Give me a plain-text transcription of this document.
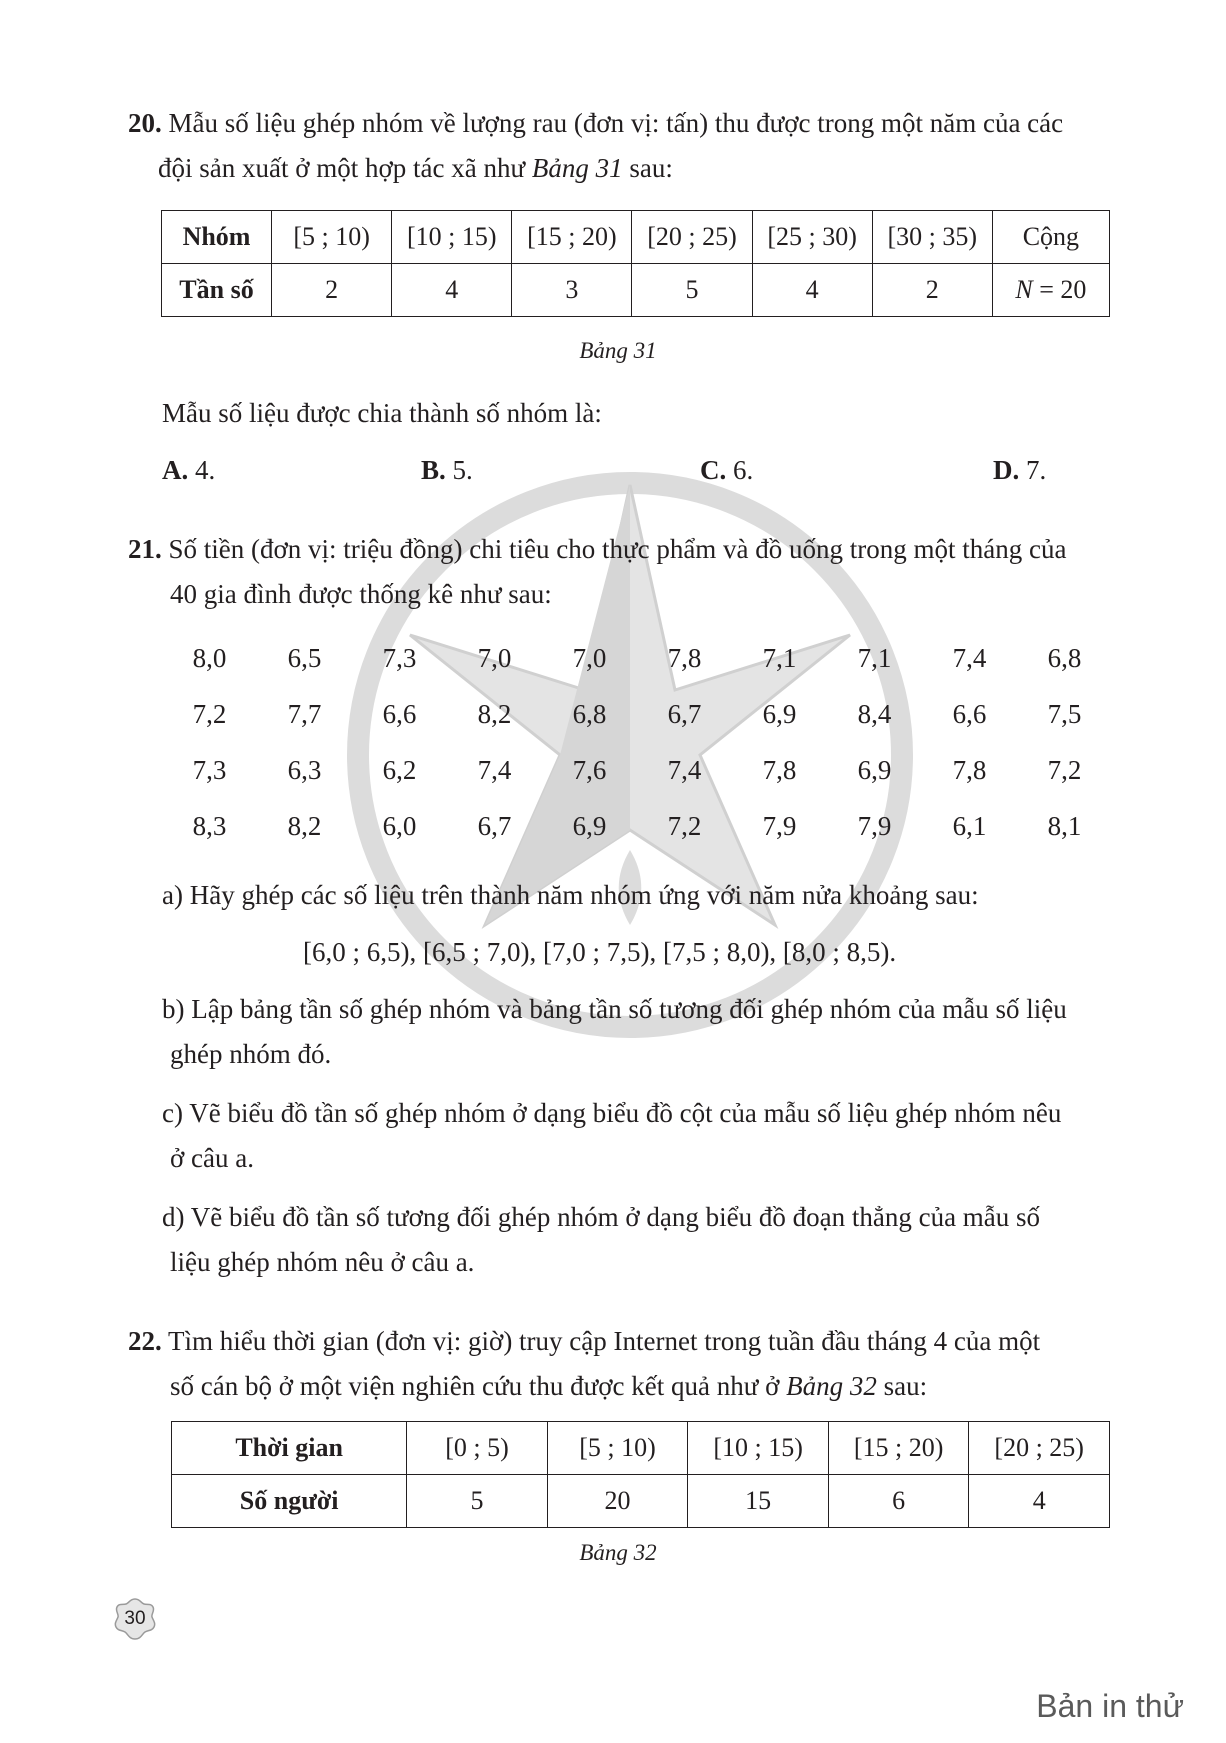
20. Mẫu số liệu ghép nhóm về lượng rau (đơn vị: tấn) thu được trong một năm của các
đội sản xuất ở một hợp tác xã như Bảng 31 sau:
Nhóm	[5 ; 10)	[10 ; 15)	[15 ; 20)	[20 ; 25)	[25 ; 30)	[30 ; 35)	Cộng
Tần số	2	4	3	5	4	2	N = 20
Bảng 31
Mẫu số liệu được chia thành số nhóm là:
A. 4.	B. 5.	C. 6.	D. 7.
21. Số tiền (đơn vị: triệu đồng) chi tiêu cho thực phẩm và đồ uống trong một tháng của
40 gia đình được thống kê như sau:
8,0	6,5	7,3	7,0	7,0	7,8	7,1	7,1	7,4	6,8
7,2	7,7	6,6	8,2	6,8	6,7	6,9	8,4	6,6	7,5
7,3	6,3	6,2	7,4	7,6	7,4	7,8	6,9	7,8	7,2
8,3	8,2	6,0	6,7	6,9	7,2	7,9	7,9	6,1	8,1
a) Hãy ghép các số liệu trên thành năm nhóm ứng với năm nửa khoảng sau:
[6,0 ; 6,5), [6,5 ; 7,0), [7,0 ; 7,5), [7,5 ; 8,0), [8,0 ; 8,5).
b) Lập bảng tần số ghép nhóm và bảng tần số tương đối ghép nhóm của mẫu số liệu
ghép nhóm đó.
c) Vẽ biểu đồ tần số ghép nhóm ở dạng biểu đồ cột của mẫu số liệu ghép nhóm nêu
ở câu a.
d) Vẽ biểu đồ tần số tương đối ghép nhóm ở dạng biểu đồ đoạn thẳng của mẫu số
liệu ghép nhóm nêu ở câu a.
22. Tìm hiểu thời gian (đơn vị: giờ) truy cập Internet trong tuần đầu tháng 4 của một
số cán bộ ở một viện nghiên cứu thu được kết quả như ở Bảng 32 sau:
Thời gian	[0 ; 5)	[5 ; 10)	[10 ; 15)	[15 ; 20)	[20 ; 25)
Số người	5	20	15	6	4
Bảng 32
30
Bản in thử
